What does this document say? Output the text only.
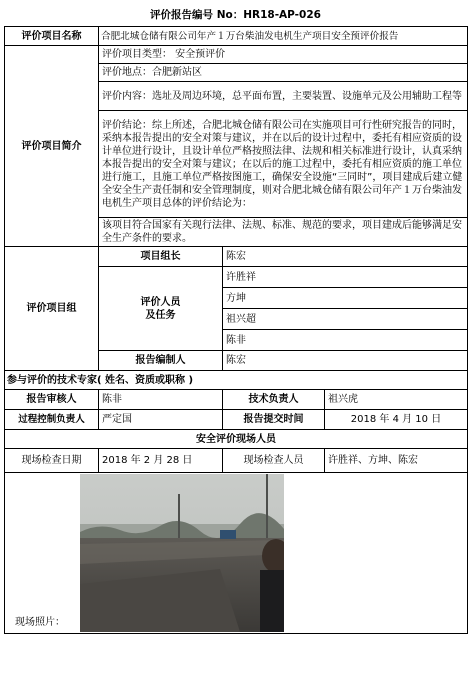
评价报告编号 No：HR18-AP-026
评价项目名称	合肥北城仓储有限公司年产１万台柴油发电机生产项目安全预评价报告		
评价项目简介	评价项目类型： 安全预评价		
	评价地点：合肥新站区		
	评价内容：选址及周边环境，总平面布置，主要装置、设施单元及公用辅助工程等		
	评价结论：综上所述，合肥北城仓储有限公司在实施项目可行性研究报告的同时，采纳本报告提出的安全对策与建议，并在以后的设计过程中，委托有相应资质的设计单位进行设计，且设计单位严格按照法律、法规和相关标准进行设计，认真采纳本报告提出的安全对策与建议；在以后的施工过程中，委托有相应资质的施工单位进行施工，且施工单位严格按图施工，确保安全设施“三同时”，项目建成后建立健全安全生产责任制和安全管理制度，则对合肥北城仓储有限公司年产１万台柴油发电机生产项目总体的评价结论为：		
	该项目符合国家有关现行法律、法规、标准、规范的要求，项目建成后能够满足安全生产条件的要求。		
评价项目组	项目组长	陈宏	

	评价人员
及任务	许胜祥	
		方坤	
		祖兴超	
		陈非	
	报告编制人	陈宏	
参与评价的技术专家( 姓名、资质或职称 )			
报告审核人	陈非	技术负责人	祖兴虎
过程控制负责人	严定国	报告提交时间	2018 年 4 月 10 日
安全评价现场人员			
现场检查日期	2018 年 2 月 28 日	现场检查人员	许胜祥、方坤、陈宏

现场照片：			
